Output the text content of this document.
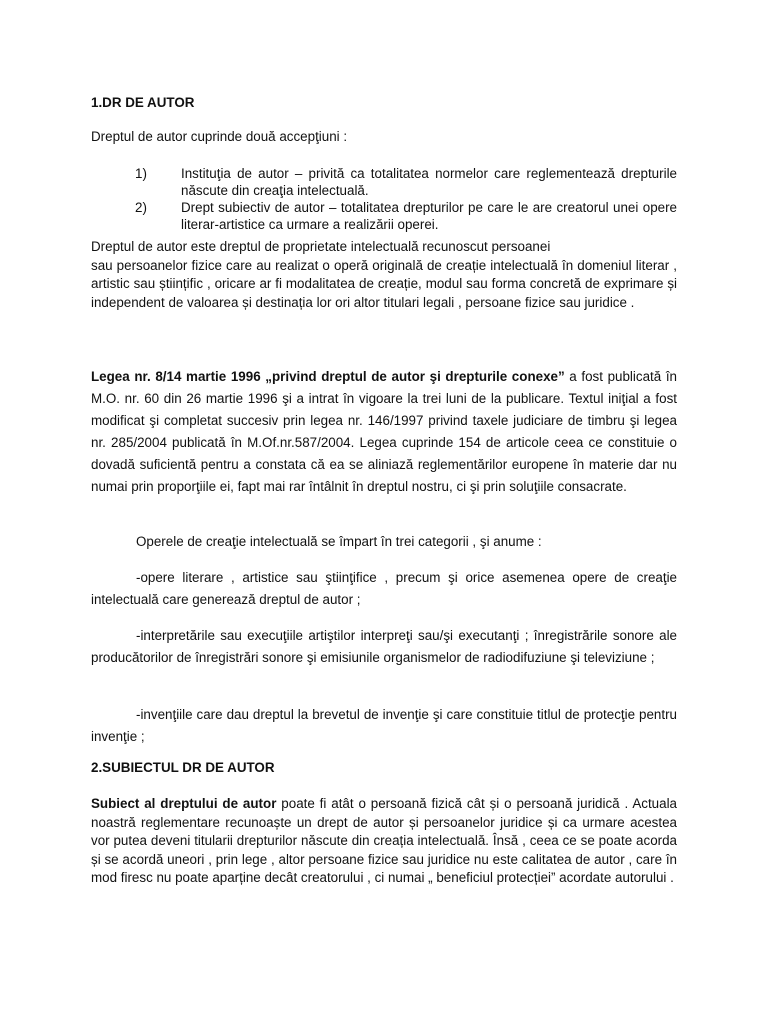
1.DR DE AUTOR
Dreptul de autor cuprinde două accepţiuni :
1)	Instituţia de autor – privită ca totalitatea normelor care reglementează drepturile născute din creaţia intelectuală.
2)	Drept subiectiv de autor – totalitatea drepturilor pe care le are creatorul unei opere literar-artistice ca urmare a realizării operei.
Dreptul de autor este dreptul de proprietate intelectuală recunoscut persoanei
sau persoanelor fizice care au realizat o operă originală de creație intelectuală în domeniul literar , artistic sau științific , oricare ar fi modalitatea de creație, modul sau forma concretă de exprimare și independent de valoarea și destinația lor ori altor titulari legali , persoane fizice sau juridice .
Legea nr. 8/14 martie 1996 „privind dreptul de autor şi drepturile conexe” a fost publicată în M.O. nr. 60 din 26 martie 1996 şi a intrat în vigoare la trei luni de la publicare. Textul iniţial a fost modificat şi completat succesiv prin legea nr. 146/1997 privind taxele judiciare de timbru şi legea nr. 285/2004 publicată în M.Of.nr.587/2004. Legea cuprinde 154 de articole ceea ce constituie o dovadă suficientă pentru a constata că ea se aliniază reglementărilor europene în materie dar nu numai prin proporţiile ei, fapt mai rar întâlnit în dreptul nostru, ci şi prin soluţiile consacrate.
Operele de creaţie intelectuală se împart în trei categorii , şi anume :
-opere literare , artistice sau ştiinţifice , precum şi orice asemenea opere de creaţie intelectuală care generează dreptul de autor ;
-interpretările sau execuţiile artiştilor interpreţi sau/şi executanţi ; înregistrările sonore ale producătorilor de înregistrări sonore şi emisiunile organismelor de radiodifuziune şi televiziune ;
-invenţiile care dau dreptul la brevetul de invenţie şi care constituie titlul de protecţie pentru invenţie ;
2.SUBIECTUL DR DE AUTOR
Subiect al dreptului de autor poate fi atât o persoană fizică cât și o persoană juridică . Actuala noastră reglementare recunoaște un drept de autor și persoanelor juridice și ca urmare acestea vor putea deveni titularii drepturilor născute din creația intelectuală. Însă , ceea ce se poate acorda și se acordă uneori , prin lege , altor persoane fizice sau juridice nu este calitatea de autor , care în mod firesc nu poate aparține decât creatorului , ci numai „ beneficiul protecției” acordate autorului .
